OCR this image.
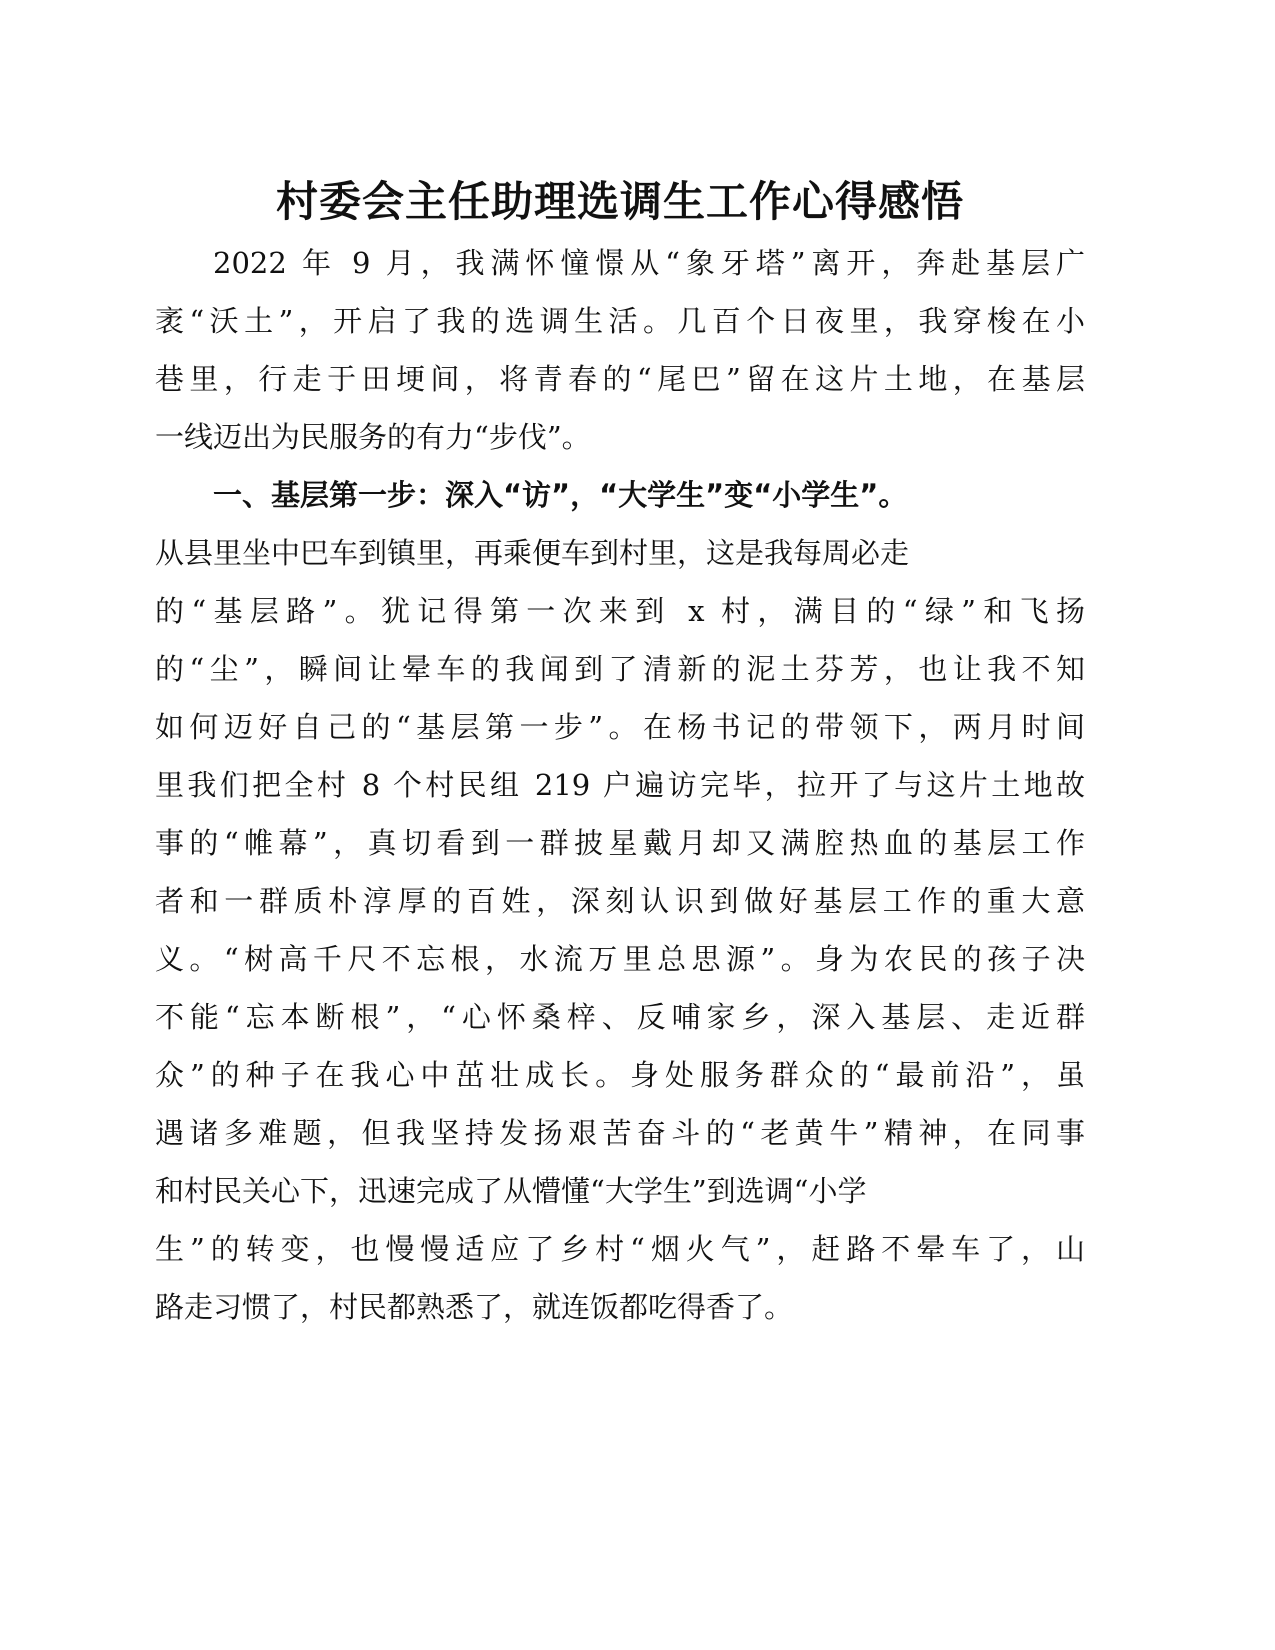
村委会主任助理选调生工作心得感悟
2022 年 9 月，我满怀憧憬从“象牙塔”离开，奔赴基层广
袤“沃土”，开启了我的选调生活。几百个日夜里，我穿梭在小
巷里，行走于田埂间，将青春的“尾巴”留在这片土地，在基层
一线迈出为民服务的有力“步伐”。
一、基层第一步：深入“访”，“大学生”变“小学生”。
从县里坐中巴车到镇里，再乘便车到村里，这是我每周必走
的“基层路”。犹记得第一次来到 x 村，满目的“绿”和飞扬
的“尘”，瞬间让晕车的我闻到了清新的泥土芬芳，也让我不知
如何迈好自己的“基层第一步”。在杨书记的带领下，两月时间
里我们把全村 8 个村民组 219 户遍访完毕，拉开了与这片土地故
事的“帷幕”，真切看到一群披星戴月却又满腔热血的基层工作
者和一群质朴淳厚的百姓，深刻认识到做好基层工作的重大意
义。“树高千尺不忘根，水流万里总思源”。身为农民的孩子决
不能“忘本断根”，“心怀桑梓、反哺家乡，深入基层、走近群
众”的种子在我心中茁壮成长。身处服务群众的“最前沿”，虽
遇诸多难题，但我坚持发扬艰苦奋斗的“老黄牛”精神，在同事
和村民关心下，迅速完成了从懵懂“大学生”到选调“小学
生”的转变，也慢慢适应了乡村“烟火气”，赶路不晕车了，山
路走习惯了，村民都熟悉了，就连饭都吃得香了。
